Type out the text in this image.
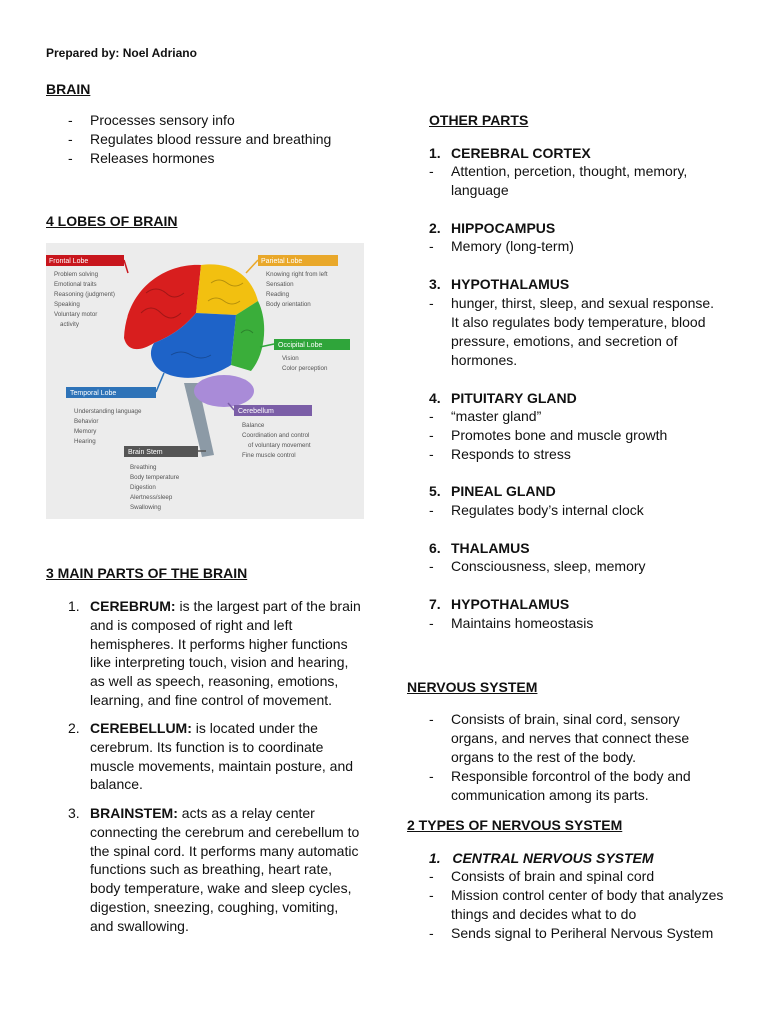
Prepared by: Noel Adriano
BRAIN
- Processes sensory info
- Regulates blood ressure and breathing
- Releases hormones
4 LOBES OF BRAIN
Frontal Lobe
Problem solving
Emotional traits
Reasoning (judgment)
Speaking
Voluntary motor
activity
Parietal Lobe
Knowing right from left
Sensation
Reading
Body orientation
Occipital Lobe
Vision
Color perception
Temporal Lobe
Understanding language
Behavior
Memory
Hearing
Cerebellum
Balance
Coordination and control
of voluntary movement
Fine muscle control
Brain Stem
Breathing
Body temperature
Digestion
Alertness/sleep
Swallowing
3 MAIN PARTS OF THE BRAIN
1. CEREBRUM: is the largest part of the brain
and is composed of right and left
hemispheres. It performs higher functions
like interpreting touch, vision and hearing,
as well as speech, reasoning, emotions,
learning, and fine control of movement.
2. CEREBELLUM: is located under the
cerebrum. Its function is to coordinate
muscle movements, maintain posture, and
balance.
3. BRAINSTEM: acts as a relay center
connecting the cerebrum and cerebellum to
the spinal cord. It performs many automatic
functions such as breathing, heart rate,
body temperature, wake and sleep cycles,
digestion, sneezing, coughing, vomiting,
and swallowing.
OTHER PARTS
1. CEREBRAL CORTEX
- Attention, percetion, thought, memory,
language
2. HIPPOCAMPUS
- Memory (long-term)
3. HYPOTHALAMUS
- hunger, thirst, sleep, and sexual response.
It also regulates body temperature, blood
pressure, emotions, and secretion of
hormones.
4. PITUITARY GLAND
- “master gland”
- Promotes bone and muscle growth
- Responds to stress
5. PINEAL GLAND
- Regulates body’s internal clock
6. THALAMUS
- Consciousness, sleep, memory
7. HYPOTHALAMUS
- Maintains homeostasis
NERVOUS SYSTEM
- Consists of brain, sinal cord, sensory
organs, and nerves that connect these
organs to the rest of the body.
- Responsible forcontrol of the body and
communication among its parts.
2 TYPES OF NERVOUS SYSTEM
1.   CENTRAL NERVOUS SYSTEM
- Consists of brain and spinal cord
- Mission control center of body that analyzes
things and decides what to do
- Sends signal to Periheral Nervous System
